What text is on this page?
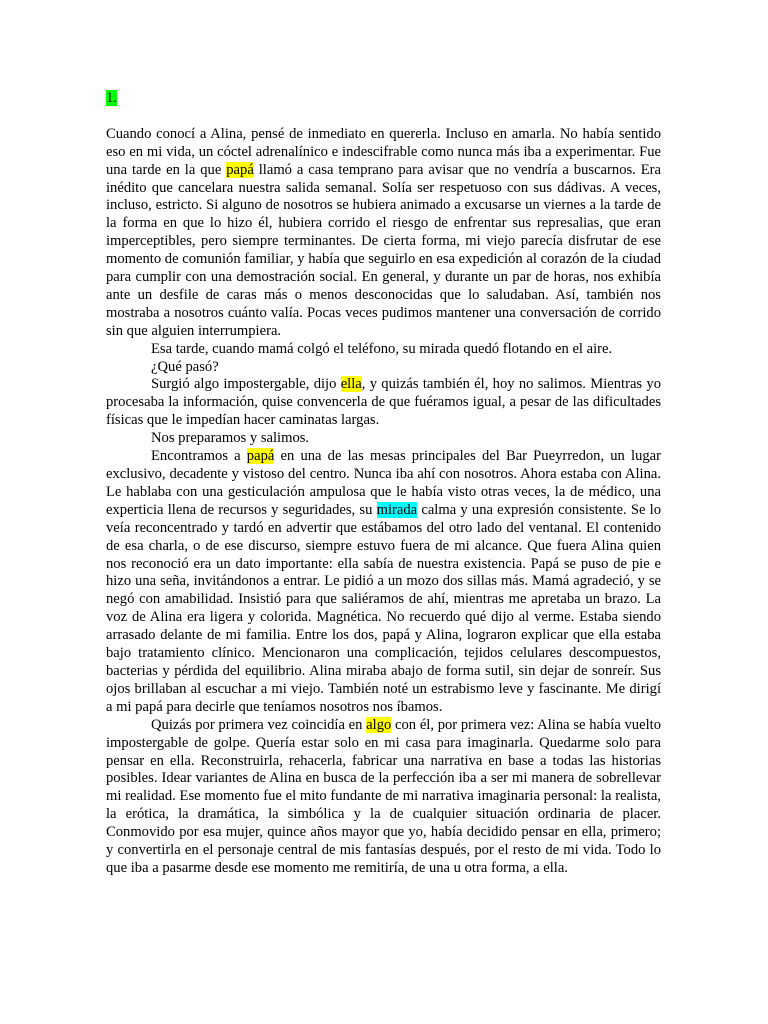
1.

Cuando conocí a Alina, pensé de inmediato en quererla. Incluso en amarla. No había sentido eso en mi vida, un cóctel adrenalínico e indescifrable como nunca más iba a experimentar. Fue una tarde en la que papá llamó a casa temprano para avisar que no vendría a buscarnos. Era inédito que cancelara nuestra salida semanal. Solía ser respetuoso con sus dádivas. A veces, incluso, estricto. Si alguno de nosotros se hubiera animado a excusarse un viernes a la tarde de la forma en que lo hizo él, hubiera corrido el riesgo de enfrentar sus represalias, que eran imperceptibles, pero siempre terminantes. De cierta forma, mi viejo parecía disfrutar de ese momento de comunión familiar, y había que seguirlo en esa expedición al corazón de la ciudad para cumplir con una demostración social. En general, y durante un par de horas, nos exhibía ante un desfile de caras más o menos desconocidas que lo saludaban. Así, también nos mostraba a nosotros cuánto valía. Pocas veces pudimos mantener una conversación de corrido sin que alguien interrumpiera.

Esa tarde, cuando mamá colgó el teléfono, su mirada quedó flotando en el aire.

¿Qué pasó?

Surgió algo impostergable, dijo ella, y quizás también él, hoy no salimos. Mientras yo procesaba la información, quise convencerla de que fuéramos igual, a pesar de las dificultades físicas que le impedían hacer caminatas largas.

Nos preparamos y salimos.

Encontramos a papá en una de las mesas principales del Bar Pueyrredon, un lugar exclusivo, decadente y vistoso del centro. Nunca iba ahí con nosotros. Ahora estaba con Alina. Le hablaba con una gesticulación ampulosa que le había visto otras veces, la de médico, una experticia llena de recursos y seguridades, su mirada calma y una expresión consistente. Se lo veía reconcentrado y tardó en advertir que estábamos del otro lado del ventanal. El contenido de esa charla, o de ese discurso, siempre estuvo fuera de mi alcance. Que fuera Alina quien nos reconoció era un dato importante: ella sabía de nuestra existencia. Papá se puso de pie e hizo una seña, invitándonos a entrar. Le pidió a un mozo dos sillas más. Mamá agradeció, y se negó con amabilidad. Insistió para que saliéramos de ahí, mientras me apretaba un brazo. La voz de Alina era ligera y colorida. Magnética. No recuerdo qué dijo al verme. Estaba siendo arrasado delante de mi familia. Entre los dos, papá y Alina, lograron explicar que ella estaba bajo tratamiento clínico. Mencionaron una complicación, tejidos celulares descompuestos, bacterias y pérdida del equilibrio. Alina miraba abajo de forma sutil, sin dejar de sonreír. Sus ojos brillaban al escuchar a mi viejo. También noté un estrabismo leve y fascinante. Me dirigí a mi papá para decirle que teníamos nosotros nos íbamos.

Quizás por primera vez coincidía en algo con él, por primera vez: Alina se había vuelto impostergable de golpe. Quería estar solo en mi casa para imaginarla. Quedarme solo para pensar en ella. Reconstruirla, rehacerla, fabricar una narrativa en base a todas las historias posibles. Idear variantes de Alina en busca de la perfección iba a ser mi manera de sobrellevar mi realidad. Ese momento fue el mito fundante de mi narrativa imaginaria personal: la realista, la erótica, la dramática, la simbólica y la de cualquier situación ordinaria de placer. Conmovido por esa mujer, quince años mayor que yo, había decidido pensar en ella, primero; y convertirla en el personaje central de mis fantasías después, por el resto de mi vida. Todo lo que iba a pasarme desde ese momento me remitiría, de una u otra forma, a ella.
